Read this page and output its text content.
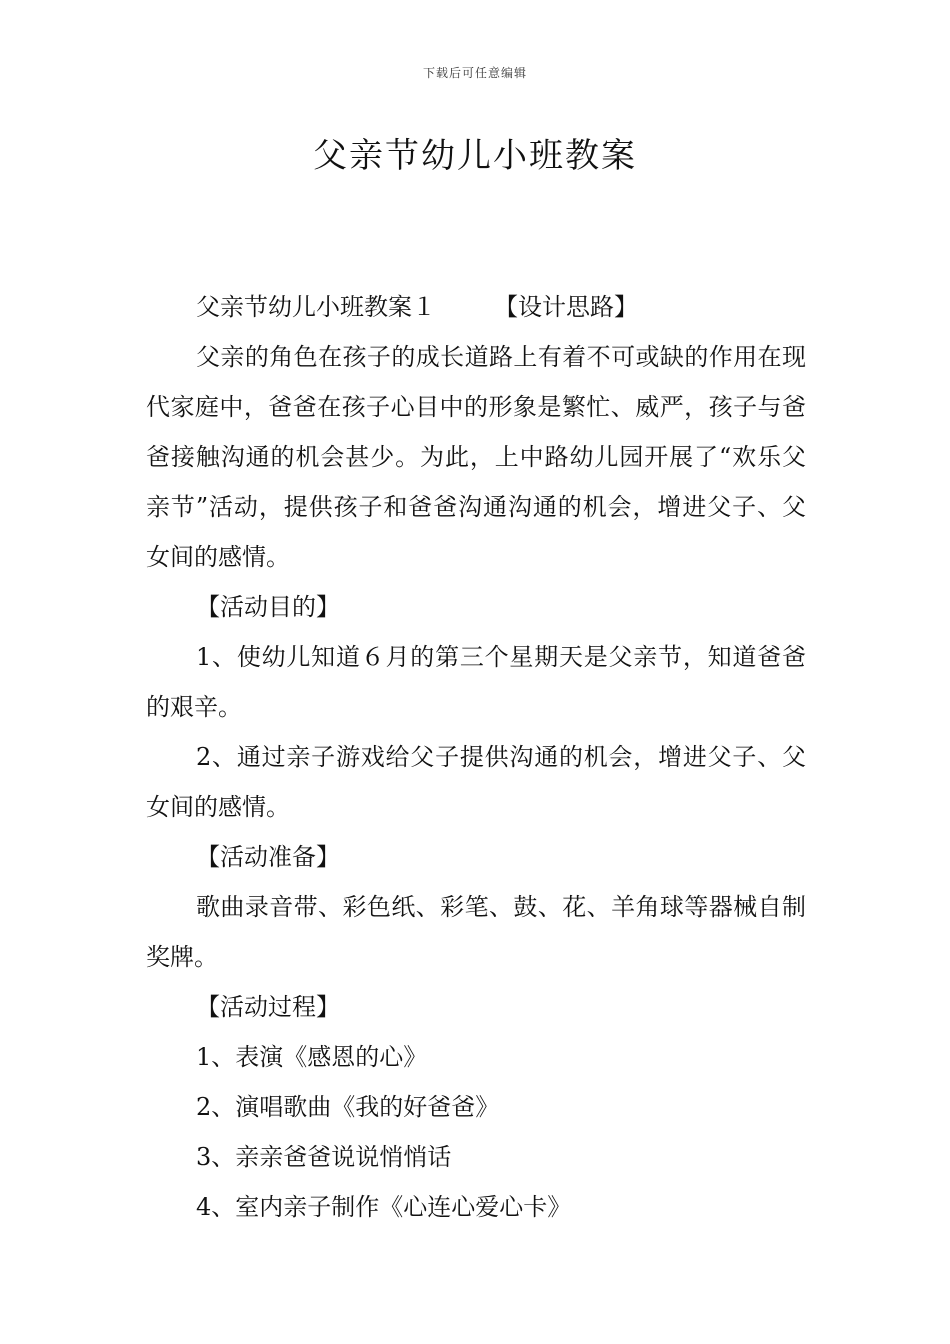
下载后可任意编辑
父亲节幼儿小班教案

父亲节幼儿小班教案１ 【设计思路】

父亲的角色在孩子的成长道路上有着不可或缺的作用在现代家庭中，爸爸在孩子心目中的形象是繁忙、威严，孩子与爸爸接触沟通的机会甚少。为此，上中路幼儿园开展了“欢乐父亲节”活动，提供孩子和爸爸沟通沟通的机会，增进父子、父女间的感情。

【活动目的】

1、使幼儿知道６月的第三个星期天是父亲节，知道爸爸的艰辛。

2、通过亲子游戏给父子提供沟通的机会，增进父子、父女间的感情。

【活动准备】

歌曲录音带、彩色纸、彩笔、鼓、花、羊角球等器械自制奖牌。

【活动过程】

1、表演《感恩的心》

2、演唱歌曲《我的好爸爸》

3、亲亲爸爸说说悄悄话

4、室内亲子制作《心连心爱心卡》
